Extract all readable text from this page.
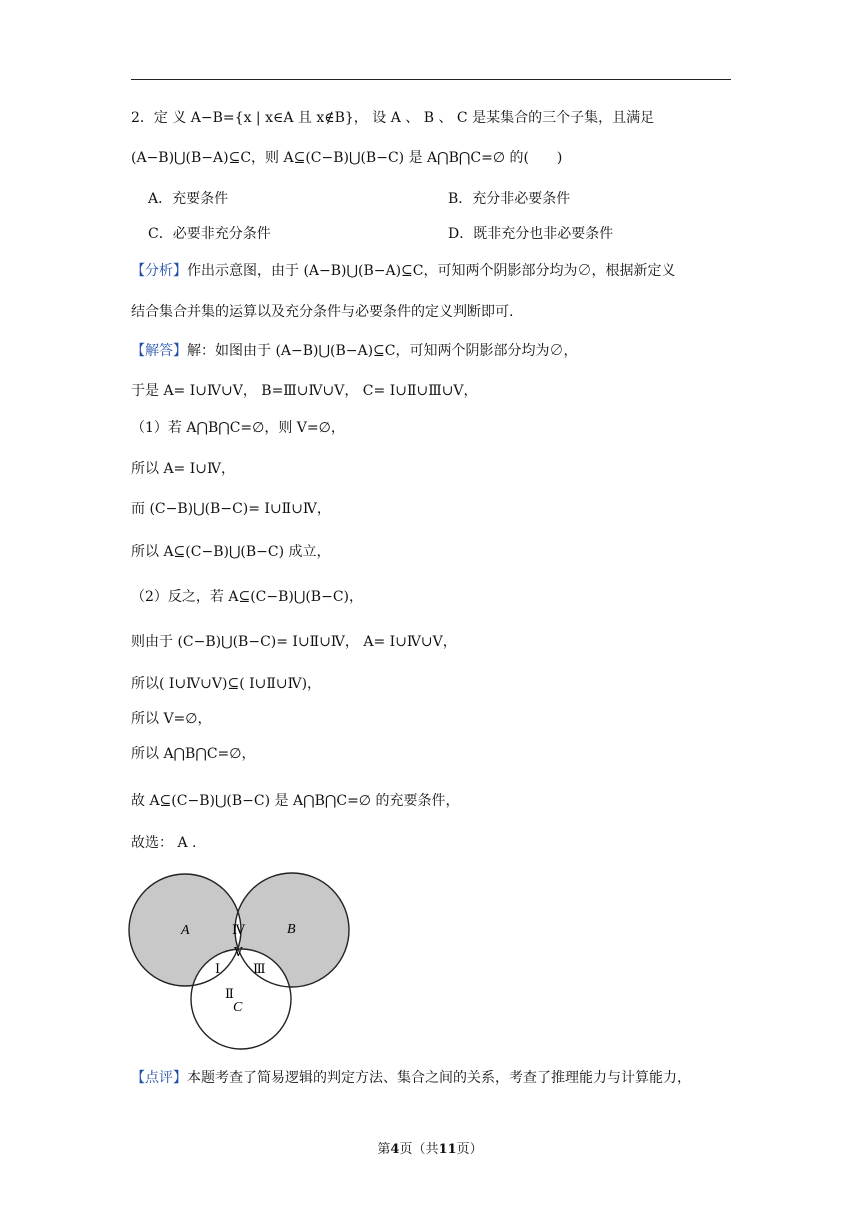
2．定 义 A−B={x | x∈A 且 x∉B}， 设 A 、 B 、 C 是某集合的三个子集，且满足
(A−B)⋃(B−A)⊆C，则 A⊆(C−B)⋃(B−C) 是 A⋂B⋂C=∅ 的(　　)
A．充要条件	B．充分非必要条件
C．必要非充分条件	D．既非充分也非必要条件
【分析】作出示意图，由于 (A−B)⋃(B−A)⊆C，可知两个阴影部分均为∅，根据新定义
结合集合并集的运算以及充分条件与必要条件的定义判断即可.
【解答】解：如图由于 (A−B)⋃(B−A)⊆C，可知两个阴影部分均为∅，
于是 A= Ⅰ∪Ⅳ∪Ⅴ， B=Ⅲ∪Ⅳ∪Ⅴ， C= Ⅰ∪Ⅱ∪Ⅲ∪Ⅴ，
（1）若 A⋂B⋂C=∅，则 Ⅴ=∅，
所以 A= Ⅰ∪Ⅳ，
而 (C−B)⋃(B−C)= Ⅰ∪Ⅱ∪Ⅳ，
所以 A⊆(C−B)⋃(B−C) 成立，
（2）反之，若 A⊆(C−B)⋃(B−C)，
则由于 (C−B)⋃(B−C)= Ⅰ∪Ⅱ∪Ⅳ， A= Ⅰ∪Ⅳ∪Ⅴ，
所以( Ⅰ∪Ⅳ∪Ⅴ)⊆( Ⅰ∪Ⅱ∪Ⅳ)，
所以 Ⅴ=∅，
所以 A⋂B⋂C=∅，
故 A⊆(C−B)⋃(B−C) 是 A⋂B⋂C=∅ 的充要条件，
故选： A .
A	B
C
Ⅳ
Ⅴ
Ⅰ	Ⅲ
Ⅱ
【点评】本题考查了简易逻辑的判定方法、集合之间的关系，考查了推理能力与计算能力，
第4页（共11页）
